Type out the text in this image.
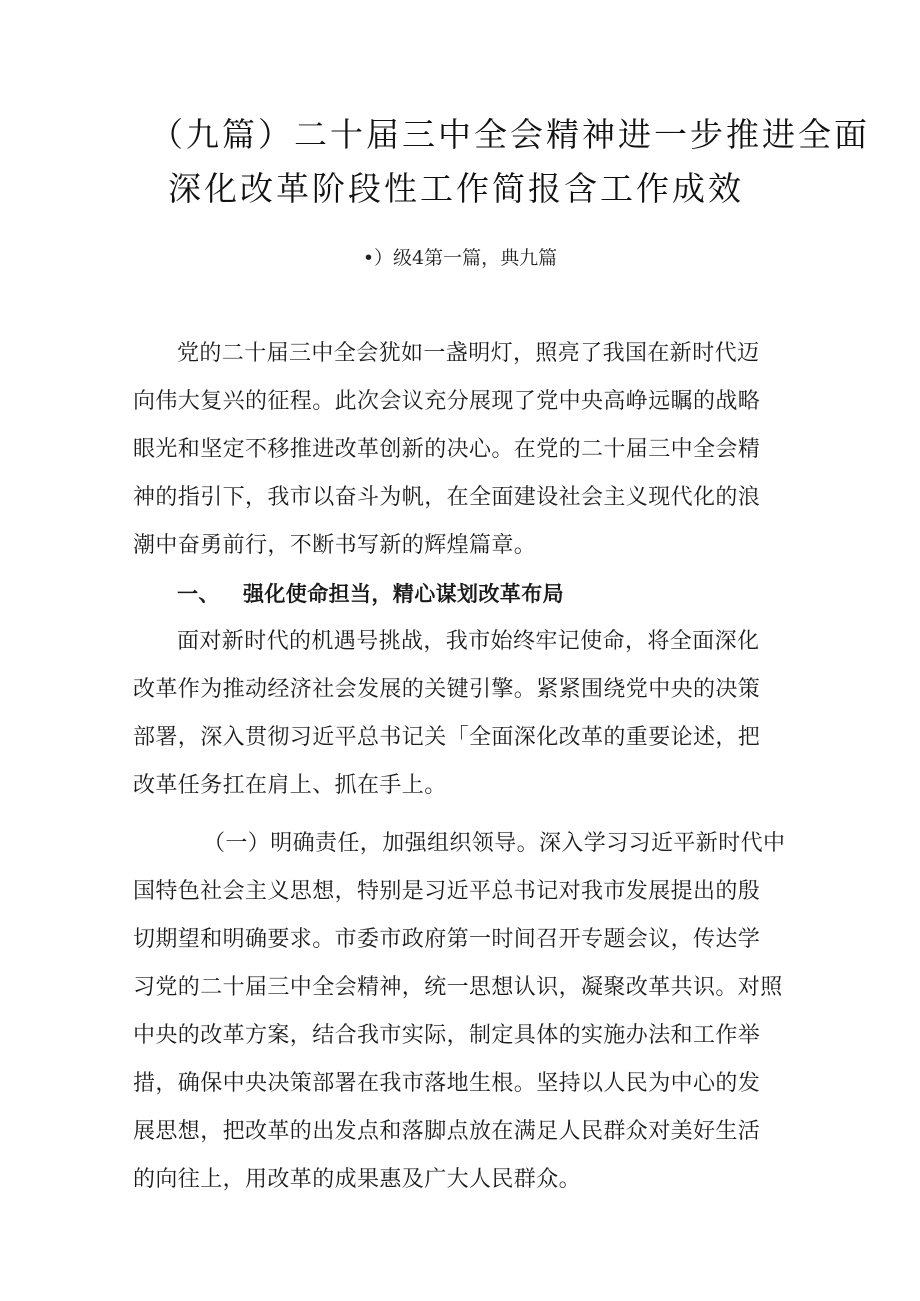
（九篇）二十届三中全会精神进一步推进全面
深化改革阶段性工作简报含工作成效
•）级4第一篇，典九篇

党的二十届三中全会犹如一盏明灯，照亮了我国在新时代迈
向伟大复兴的征程。此次会议充分展现了党中央高峥远瞩的战略
眼光和坚定不移推进改革创新的决心。在党的二十届三中全会精
神的指引下，我市以奋斗为帆，在全面建设社会主义现代化的浪
潮中奋勇前行，不断书写新的辉煌篇章。

一、 强化使命担当，精心谋划改革布局

面对新时代的机遇号挑战，我市始终牢记使命，将全面深化
改革作为推动经济社会发展的关键引擎。紧紧围绕党中央的决策
部署，深入贯彻习近平总书记关「全面深化改革的重要论述，把
改革任务扛在肩上、抓在手上。

（一）明确责任，加强组织领导。深入学习习近平新时代中
国特色社会主义思想，特别是习近平总书记对我市发展提出的殷
切期望和明确要求。市委市政府第一时间召开专题会议，传达学
习党的二十届三中全会精神，统一思想认识，凝聚改革共识。对照
中央的改革方案，结合我市实际，制定具体的实施办法和工作举
措，确保中央决策部署在我市落地生根。坚持以人民为中心的发
展思想，把改革的出发点和落脚点放在满足人民群众对美好生活
的向往上，用改革的成果惠及广大人民群众。
